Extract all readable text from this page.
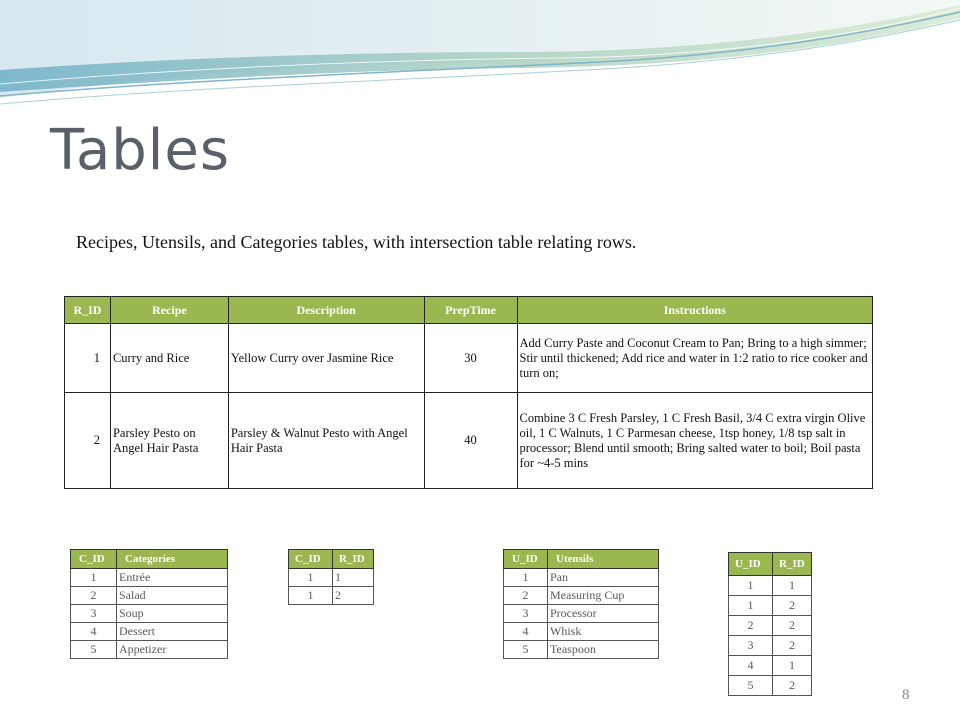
Tables
Recipes, Utensils, and Categories tables, with intersection table relating rows.
R_ID	Recipe	Description	PrepTime	Instructions
1	Curry and Rice	Yellow Curry over Jasmine Rice	30	Add Curry Paste and Coconut Cream to Pan; Bring to a high simmer; Stir until thickened; Add rice and water in 1:2 ratio to rice cooker and turn on;
2	Parsley Pesto on Angel Hair Pasta	Parsley & Walnut Pesto with Angel Hair Pasta	40	Combine 3 C Fresh Parsley, 1 C Fresh Basil, 3/4 C extra virgin Olive oil, 1 C Walnuts, 1 C Parmesan cheese, 1tsp honey, 1/8 tsp salt in processor; Blend until smooth; Bring salted water to boil; Boil pasta for ~4-5 mins
C_ID	Categories
1	Entrée
2	Salad
3	Soup
4	Dessert
5	Appetizer
C_ID	R_ID
1	1
1	2
U_ID	Utensils
1	Pan
2	Measuring Cup
3	Processor
4	Whisk
5	Teaspoon
U_ID	R_ID
1	1
1	2
2	2
3	2
4	1
5	2
8
